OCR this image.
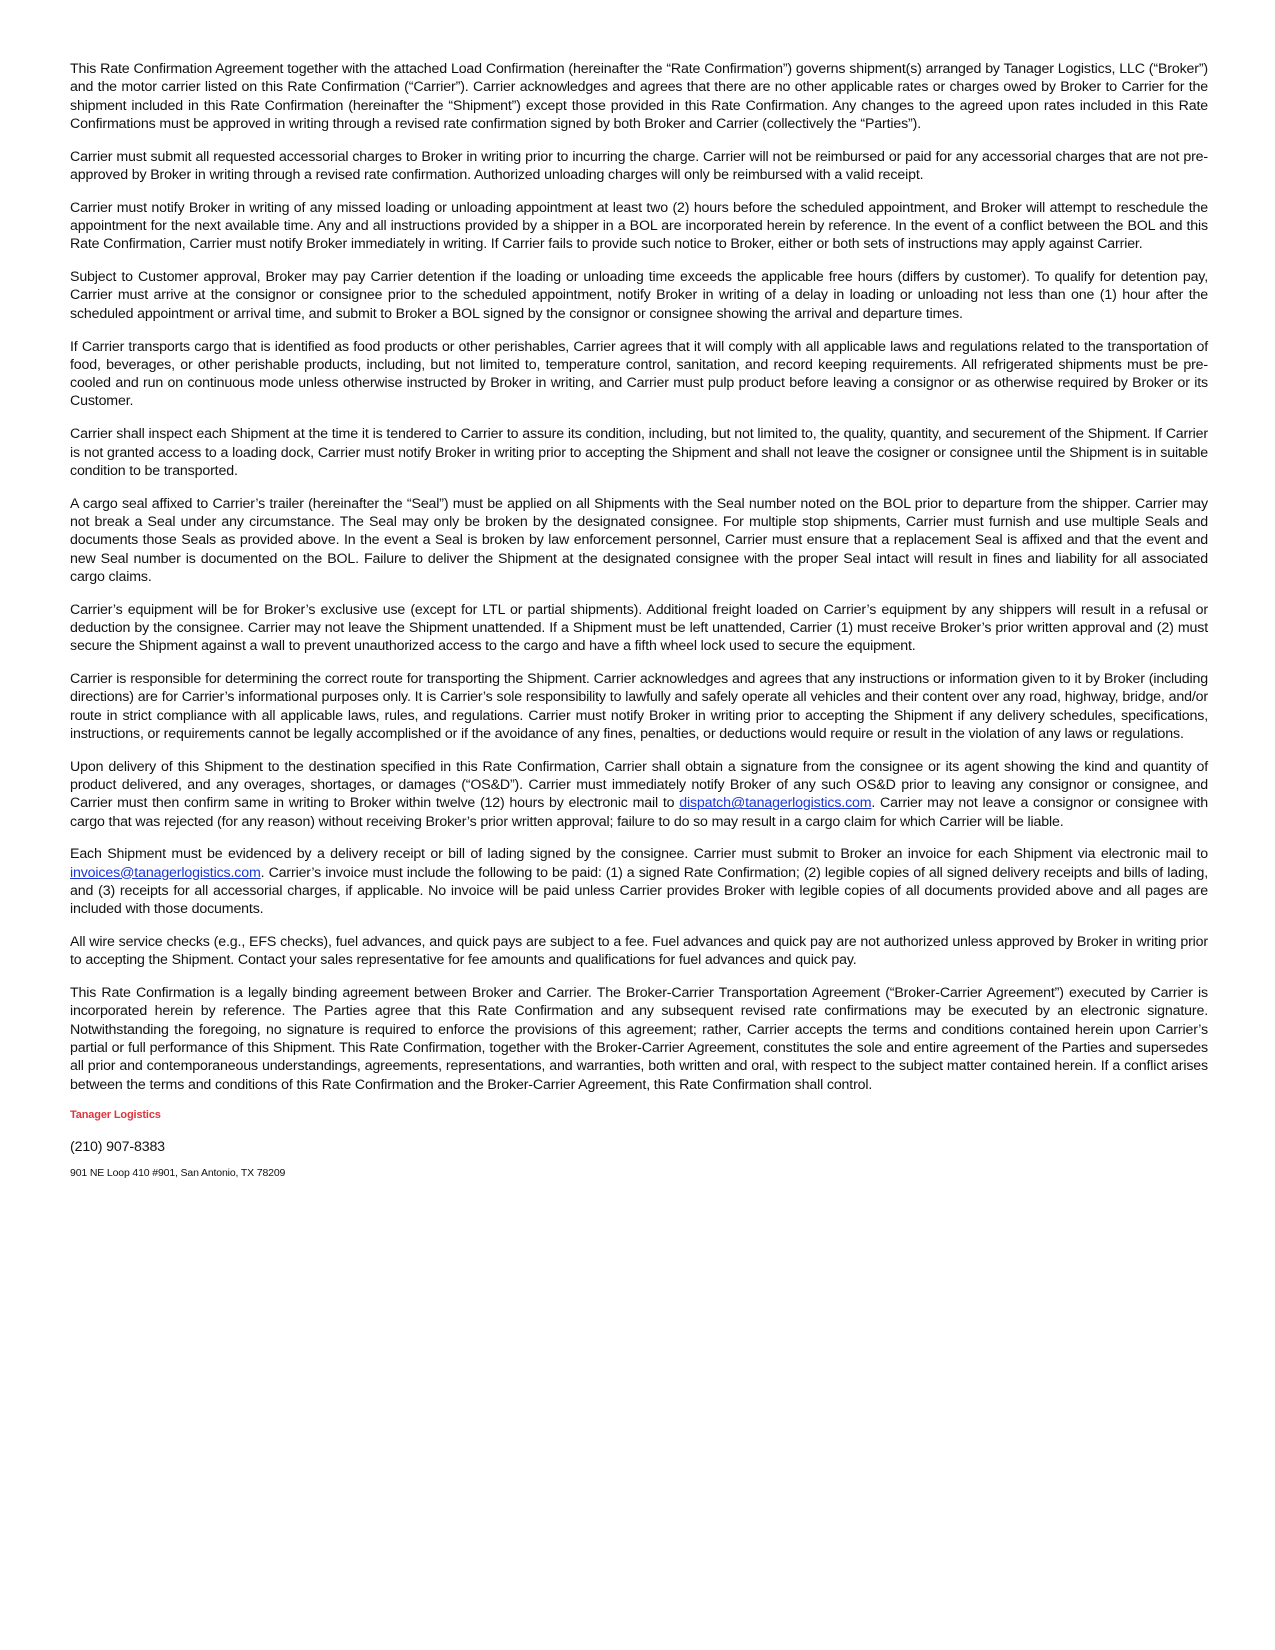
This Rate Confirmation Agreement together with the attached Load Confirmation (hereinafter the “Rate Confirmation”) governs shipment(s) arranged by Tanager Logistics, LLC (“Broker”) and the motor carrier listed on this Rate Confirmation (“Carrier”). Carrier acknowledges and agrees that there are no other applicable rates or charges owed by Broker to Carrier for the shipment included in this Rate Confirmation (hereinafter the “Shipment”) except those provided in this Rate Confirmation. Any changes to the agreed upon rates included in this Rate Confirmations must be approved in writing through a revised rate confirmation signed by both Broker and Carrier (collectively the “Parties”).

Carrier must submit all requested accessorial charges to Broker in writing prior to incurring the charge. Carrier will not be reimbursed or paid for any accessorial charges that are not pre-approved by Broker in writing through a revised rate confirmation. Authorized unloading charges will only be reimbursed with a valid receipt.

Carrier must notify Broker in writing of any missed loading or unloading appointment at least two (2) hours before the scheduled appointment, and Broker will attempt to reschedule the appointment for the next available time. Any and all instructions provided by a shipper in a BOL are incorporated herein by reference. In the event of a conflict between the BOL and this Rate Confirmation, Carrier must notify Broker immediately in writing. If Carrier fails to provide such notice to Broker, either or both sets of instructions may apply against Carrier.

Subject to Customer approval, Broker may pay Carrier detention if the loading or unloading time exceeds the applicable free hours (differs by customer). To qualify for detention pay, Carrier must arrive at the consignor or consignee prior to the scheduled appointment, notify Broker in writing of a delay in loading or unloading not less than one (1) hour after the scheduled appointment or arrival time, and submit to Broker a BOL signed by the consignor or consignee showing the arrival and departure times.

If Carrier transports cargo that is identified as food products or other perishables, Carrier agrees that it will comply with all applicable laws and regulations related to the transportation of food, beverages, or other perishable products, including, but not limited to, temperature control, sanitation, and record keeping requirements. All refrigerated shipments must be pre-cooled and run on continuous mode unless otherwise instructed by Broker in writing, and Carrier must pulp product before leaving a consignor or as otherwise required by Broker or its Customer.

Carrier shall inspect each Shipment at the time it is tendered to Carrier to assure its condition, including, but not limited to, the quality, quantity, and securement of the Shipment. If Carrier is not granted access to a loading dock, Carrier must notify Broker in writing prior to accepting the Shipment and shall not leave the cosigner or consignee until the Shipment is in suitable condition to be transported.

A cargo seal affixed to Carrier’s trailer (hereinafter the “Seal”) must be applied on all Shipments with the Seal number noted on the BOL prior to departure from the shipper. Carrier may not break a Seal under any circumstance. The Seal may only be broken by the designated consignee. For multiple stop shipments, Carrier must furnish and use multiple Seals and documents those Seals as provided above. In the event a Seal is broken by law enforcement personnel, Carrier must ensure that a replacement Seal is affixed and that the event and new Seal number is documented on the BOL. Failure to deliver the Shipment at the designated consignee with the proper Seal intact will result in fines and liability for all associated cargo claims.

Carrier’s equipment will be for Broker’s exclusive use (except for LTL or partial shipments). Additional freight loaded on Carrier’s equipment by any shippers will result in a refusal or deduction by the consignee. Carrier may not leave the Shipment unattended. If a Shipment must be left unattended, Carrier (1) must receive Broker’s prior written approval and (2) must secure the Shipment against a wall to prevent unauthorized access to the cargo and have a fifth wheel lock used to secure the equipment.

Carrier is responsible for determining the correct route for transporting the Shipment. Carrier acknowledges and agrees that any instructions or information given to it by Broker (including directions) are for Carrier’s informational purposes only. It is Carrier’s sole responsibility to lawfully and safely operate all vehicles and their content over any road, highway, bridge, and/or route in strict compliance with all applicable laws, rules, and regulations. Carrier must notify Broker in writing prior to accepting the Shipment if any delivery schedules, specifications, instructions, or requirements cannot be legally accomplished or if the avoidance of any fines, penalties, or deductions would require or result in the violation of any laws or regulations.

Upon delivery of this Shipment to the destination specified in this Rate Confirmation, Carrier shall obtain a signature from the consignee or its agent showing the kind and quantity of product delivered, and any overages, shortages, or damages (“OS&D”). Carrier must immediately notify Broker of any such OS&D prior to leaving any consignor or consignee, and Carrier must then confirm same in writing to Broker within twelve (12) hours by electronic mail to dispatch@tanagerlogistics.com. Carrier may not leave a consignor or consignee with cargo that was rejected (for any reason) without receiving Broker’s prior written approval; failure to do so may result in a cargo claim for which Carrier will be liable.

Each Shipment must be evidenced by a delivery receipt or bill of lading signed by the consignee. Carrier must submit to Broker an invoice for each Shipment via electronic mail to invoices@tanagerlogistics.com. Carrier’s invoice must include the following to be paid: (1) a signed Rate Confirmation; (2) legible copies of all signed delivery receipts and bills of lading, and (3) receipts for all accessorial charges, if applicable. No invoice will be paid unless Carrier provides Broker with legible copies of all documents provided above and all pages are included with those documents.

All wire service checks (e.g., EFS checks), fuel advances, and quick pays are subject to a fee. Fuel advances and quick pay are not authorized unless approved by Broker in writing prior to accepting the Shipment. Contact your sales representative for fee amounts and qualifications for fuel advances and quick pay.

This Rate Confirmation is a legally binding agreement between Broker and Carrier. The Broker-Carrier Transportation Agreement (“Broker-Carrier Agreement”) executed by Carrier is incorporated herein by reference. The Parties agree that this Rate Confirmation and any subsequent revised rate confirmations may be executed by an electronic signature. Notwithstanding the foregoing, no signature is required to enforce the provisions of this agreement; rather, Carrier accepts the terms and conditions contained herein upon Carrier’s partial or full performance of this Shipment. This Rate Confirmation, together with the Broker-Carrier Agreement, constitutes the sole and entire agreement of the Parties and supersedes all prior and contemporaneous understandings, agreements, representations, and warranties, both written and oral, with respect to the subject matter contained herein. If a conflict arises between the terms and conditions of this Rate Confirmation and the Broker-Carrier Agreement, this Rate Confirmation shall control.

Tanager Logistics
(210) 907-8383
901 NE Loop 410 #901, San Antonio, TX 78209
